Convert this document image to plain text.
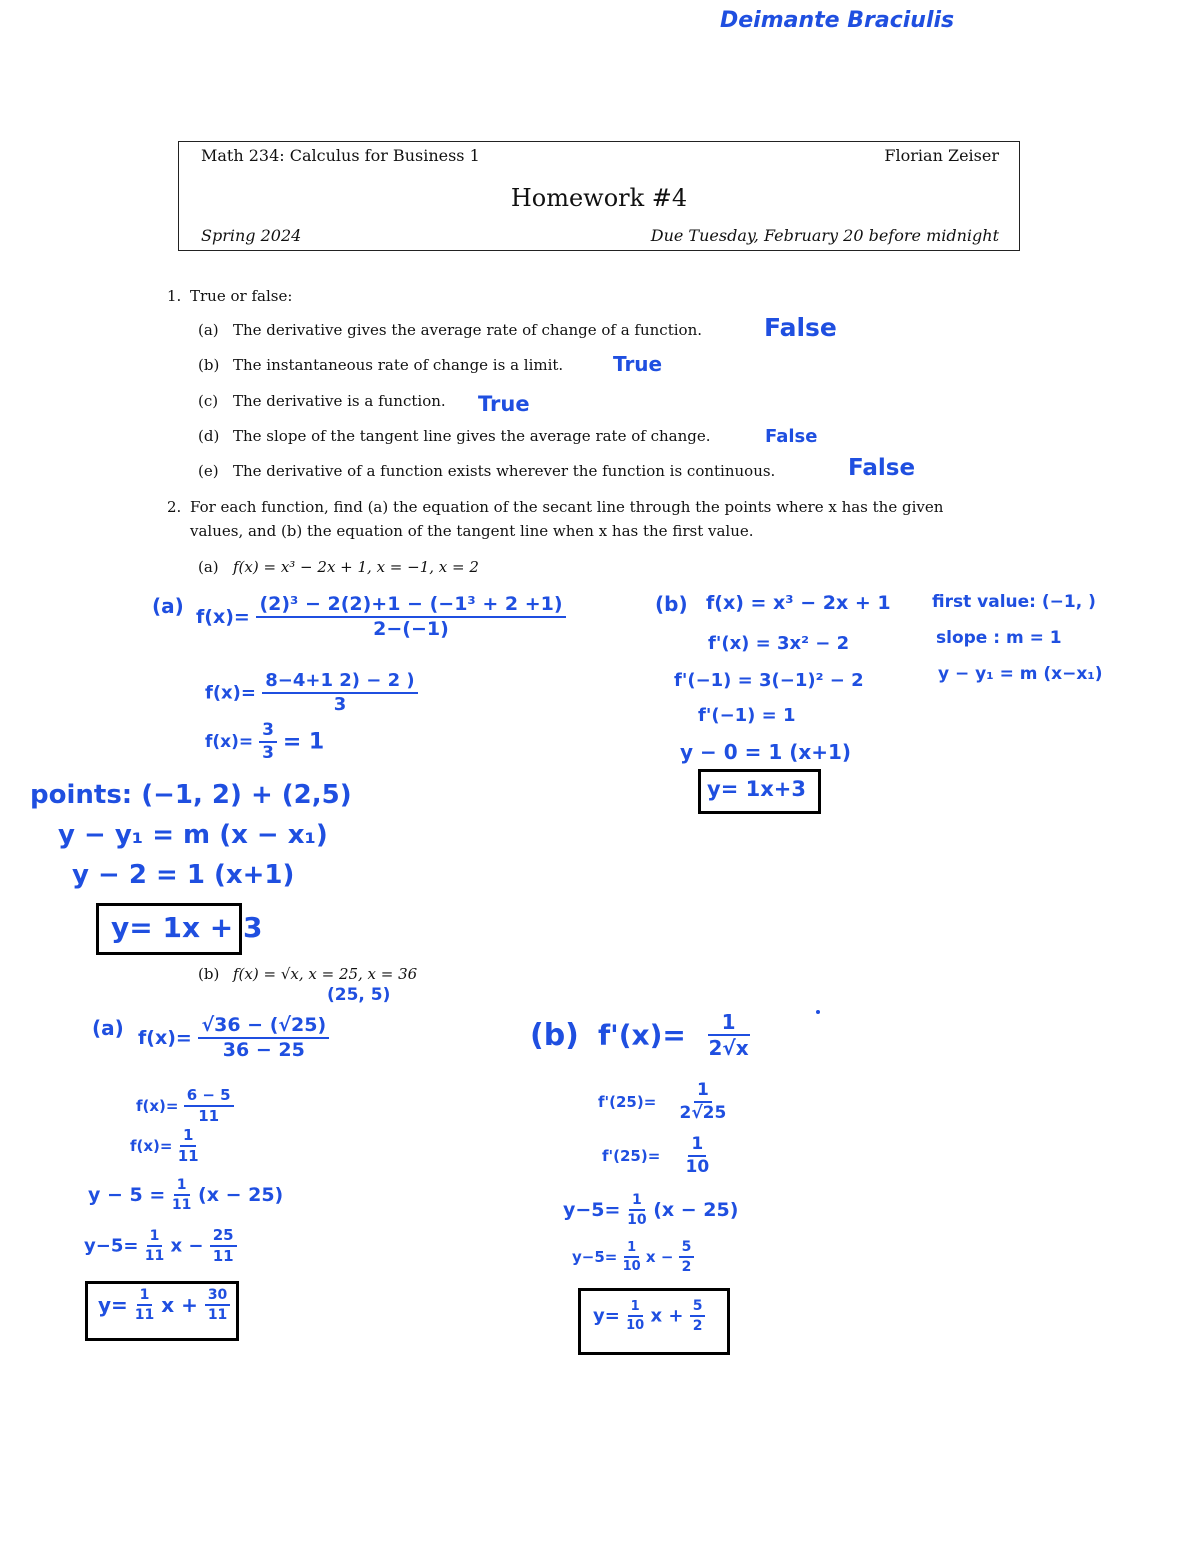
Deimante Braciulis
Math 234: Calculus for Business 1	Florian Zeiser
Homework #4
Spring 2024	Due Tuesday, February 20 before midnight
1. True or false:
(a) The derivative gives the average rate of change of a function. False
(b) The instantaneous rate of change is a limit. True
(c) The derivative is a function. True
(d) The slope of the tangent line gives the average rate of change.	False
(e) The derivative of a function exists wherever the function is continuous.	False
2. For each function, find (a) the equation of the secant line through the points where x has the given
values, and (b) the equation of the tangent line when x has the first value.
(a) f(x) = x³ − 2x + 1, x = −1, x = 2
(a) $f(x)= \frac{\text{(2)³ − 2(2)+1 − (−1³ + 2 +1)}}{2-(-1)}$
$f(x)= \frac{8-4+1 2) - 2 )}{3}$
$f(x)= \frac{3}{3} = 1$
points: (−1, 2) + (2,5)
y − y₁ = m (x − x₁)
y − 2 = 1 (x+1)
y= 1x + 3
(b) f(x) = x³ − 2x + 1
f'(x) = 3x² − 2
f'(−1) = 3(−1)² − 2
f'(−1) = 1
y − 0 = 1 (x+1)
y= 1x+3
first value: (−1, )
slope : m = 1
y − y₁ = m (x−x₁)
(b) f(x) = √x, x = 25, x = 36
(25, 5)
(a) $f(x)= \frac{√36 - (√25)}{36 - 25}$
$f(x)= \frac{6 - 5}{11}$
$f(x)= \frac{1}{11}$
$y - 5 = \frac{1}{11} (x - 25)$
$y-5= \frac{1}{11}$ $x - \frac{25}{11}$
$y= \frac{1}{11}$ $x + \frac{30}{11}$
(b) $f'(x)= \frac{1}{2√x}$
$f'(25)= \frac{1}{2√25}$
$f'(25)= \frac{1}{10}$
$y-5= \frac{1}{10} (x - 25)$
$y-5= \frac{1}{10}$ $x - \frac{5}{2}$
$y= \frac{1}{10}$ $x + \frac{5}{2}$
